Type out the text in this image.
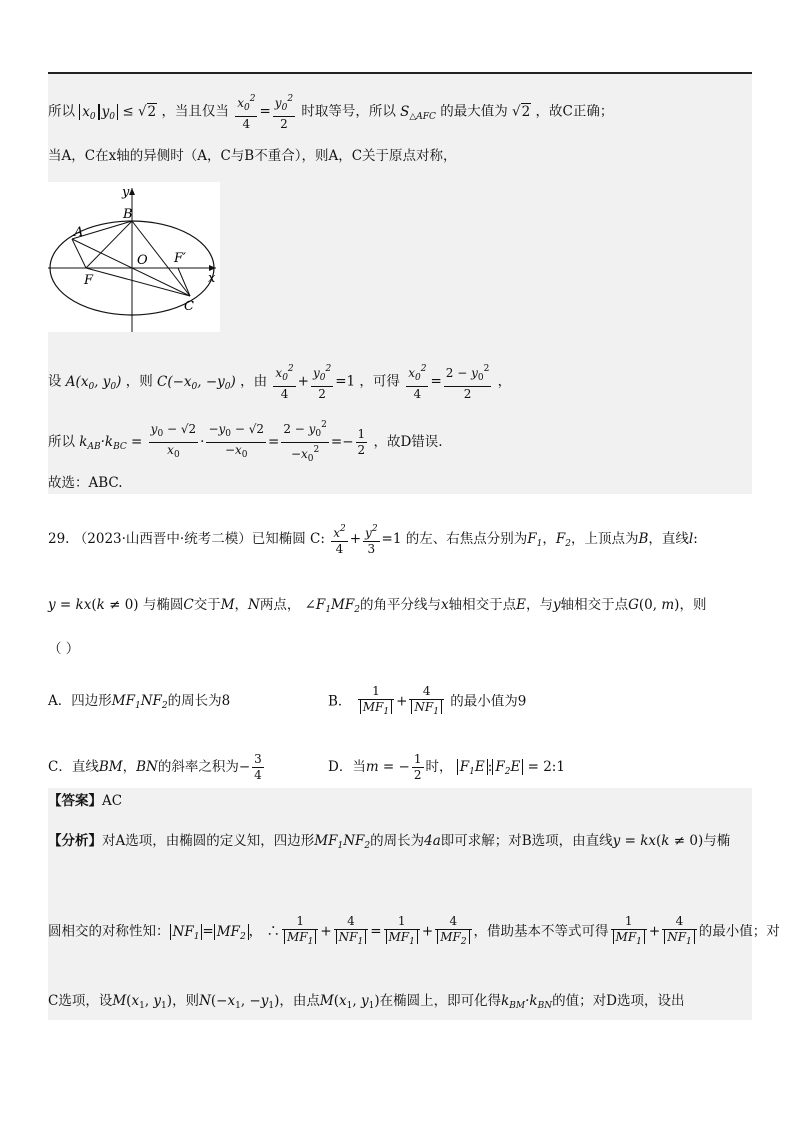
所以 $x_0$ $y_0 \le √2$ ，当且仅当 $\frac{x_0^2}{4} = \frac{y_0^2}{2}$ 时取等号，所以 $S_{\triangle AFC}$ 的最大值为 √2 ，故C正确；
当A，C在x轴的异侧时（A，C与B不重合），则A，C关于原点对称，
y
x
B
A
O F′
F
C
设 $A(x_0$, $y_0$) ，则 $C(-x_0$, $-y_0$) ，由 $\frac{x_0^2}{4} + \frac{y_0^2}{2} =1$ ，可得 $\frac{x_0^2}{4} = \frac{2 - y_0^2}{2}$ ，
所以 $k_{AB}\cdot k_{BC} = \frac{y_0 - √2}{x_0} \cdot \frac{-y_0 - √2}{-x_0} = \frac{2 - y_0^2}{-x_0^2} =- \frac{1}{2}$ ，故D错误.
故选：ABC.
29. （2023·山西晋中·统考二模）已知椭圆 C: $\frac{x^2}{4} + \frac{y^2}{3} =1$ 的左、右焦点分别为$F_1$，$F_2$，上顶点为B，直线l:
y = kx(k ≠ 0) 与椭圆C交于M，N两点， $\angle F_1MF_2$的角平分线与x轴相交于点E，与y轴相交于点G(0, m)，则
（ ）
A．四边形$MF_1NF_2$的周长为8	B． $\frac{1}{MF_1} + \frac{4}{NF_1}$ 的最小值为9
C．直线BM，BN的斜率之积为− $\frac{3}{4}$	D．当m = − $\frac{1}{2}$ 时， $F_1E$ : $F_2E$ = 2:1
【答案】AC
【分析】对A选项，由椭圆的定义知，四边形$MF_1NF_2$的周长为4a即可求解；对B选项，由直线y = kx(k ≠ 0)与椭
圆相交的对称性知： $NF_1 = MF_2$ ， ∴ $\frac{1}{MF_1} + \frac{4}{NF_1} = \frac{1}{MF_1} + \frac{4}{MF_2}$ ，借助基本不等式可得 $\frac{1}{MF_1} + \frac{4}{NF_1}$ 的最小值；对
C选项，设$M(x_1$, $y_1$)，则$N(-x_1$, $-y_1$)，由点$M(x_1$, $y_1$)在椭圆上，即可化得$k_{BM}\cdot k_{BN}$的值；对D选项，设出
